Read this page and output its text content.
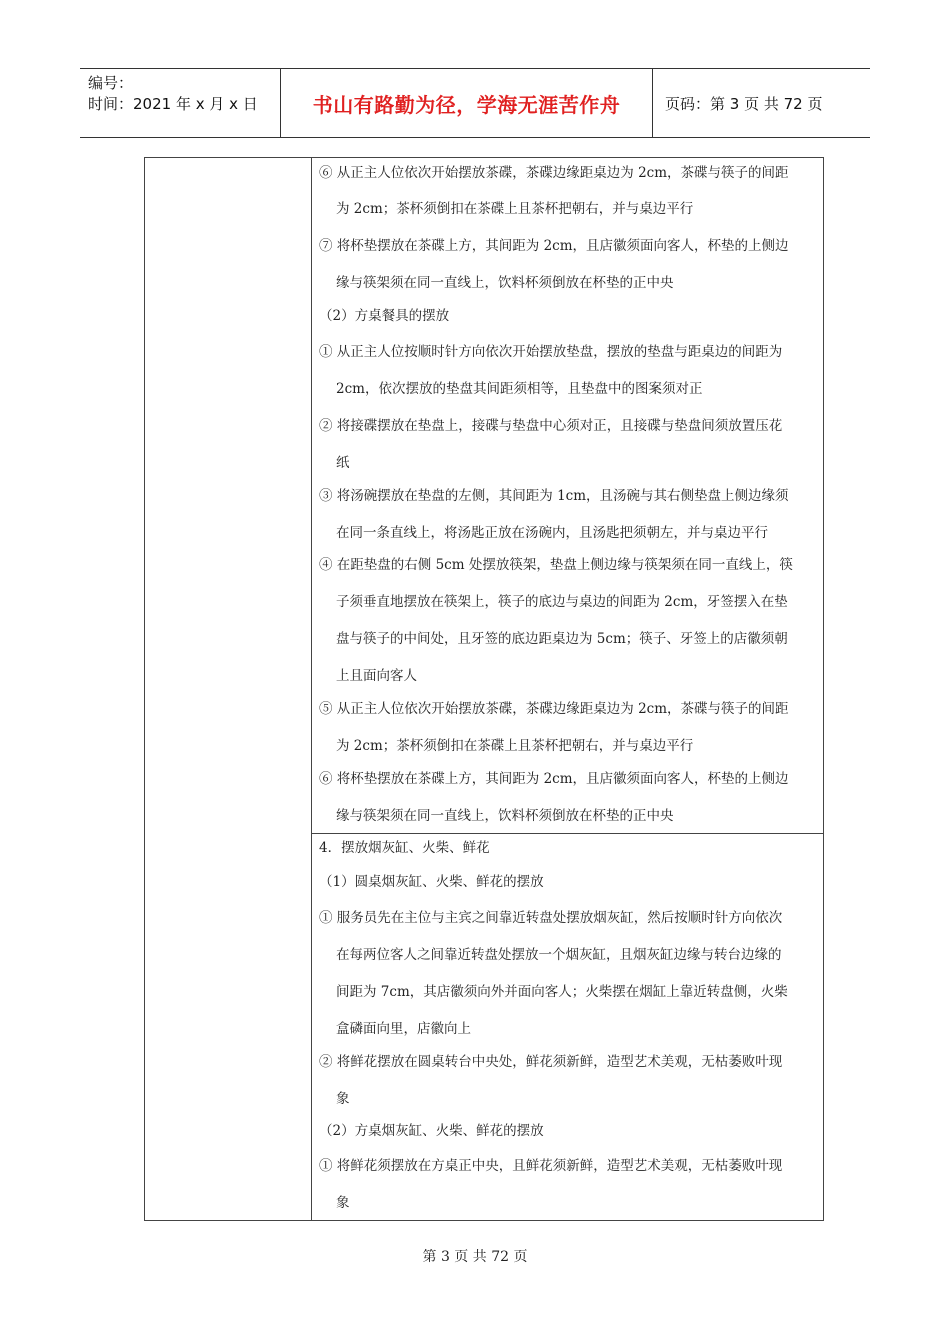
编号：
时间：2021 年 x 月 x 日	书山有路勤为径，学海无涯苦作舟	页码：第 3 页 共 72 页
⑥ 从正主人位依次开始摆放茶碟，茶碟边缘距桌边为 2cm，茶碟与筷子的间距
为 2cm；茶杯须倒扣在茶碟上且茶杯把朝右，并与桌边平行
⑦ 将杯垫摆放在茶碟上方，其间距为 2cm，且店徽须面向客人，杯垫的上侧边
缘与筷架须在同一直线上，饮料杯须倒放在杯垫的正中央
（2）方桌餐具的摆放
① 从正主人位按顺时针方向依次开始摆放垫盘，摆放的垫盘与距桌边的间距为
2cm，依次摆放的垫盘其间距须相等，且垫盘中的图案须对正
② 将接碟摆放在垫盘上，接碟与垫盘中心须对正，且接碟与垫盘间须放置压花
纸
③ 将汤碗摆放在垫盘的左侧，其间距为 1cm，且汤碗与其右侧垫盘上侧边缘须
在同一条直线上，将汤匙正放在汤碗内，且汤匙把须朝左，并与桌边平行
④ 在距垫盘的右侧 5cm 处摆放筷架，垫盘上侧边缘与筷架须在同一直线上，筷
子须垂直地摆放在筷架上，筷子的底边与桌边的间距为 2cm，牙签摆入在垫
盘与筷子的中间处，且牙签的底边距桌边为 5cm；筷子、牙签上的店徽须朝
上且面向客人
⑤ 从正主人位依次开始摆放茶碟，茶碟边缘距桌边为 2cm，茶碟与筷子的间距
为 2cm；茶杯须倒扣在茶碟上且茶杯把朝右，并与桌边平行
⑥ 将杯垫摆放在茶碟上方，其间距为 2cm，且店徽须面向客人，杯垫的上侧边
缘与筷架须在同一直线上，饮料杯须倒放在杯垫的正中央
4．摆放烟灰缸、火柴、鲜花
（1）圆桌烟灰缸、火柴、鲜花的摆放
① 服务员先在主位与主宾之间靠近转盘处摆放烟灰缸，然后按顺时针方向依次
在每两位客人之间靠近转盘处摆放一个烟灰缸，且烟灰缸边缘与转台边缘的
间距为 7cm，其店徽须向外并面向客人；火柴摆在烟缸上靠近转盘侧，火柴
盒磷面向里，店徽向上
② 将鲜花摆放在圆桌转台中央处，鲜花须新鲜，造型艺术美观，无枯萎败叶现
象
（2）方桌烟灰缸、火柴、鲜花的摆放
① 将鲜花须摆放在方桌正中央，且鲜花须新鲜，造型艺术美观，无枯萎败叶现
象
第 3 页 共 72 页
